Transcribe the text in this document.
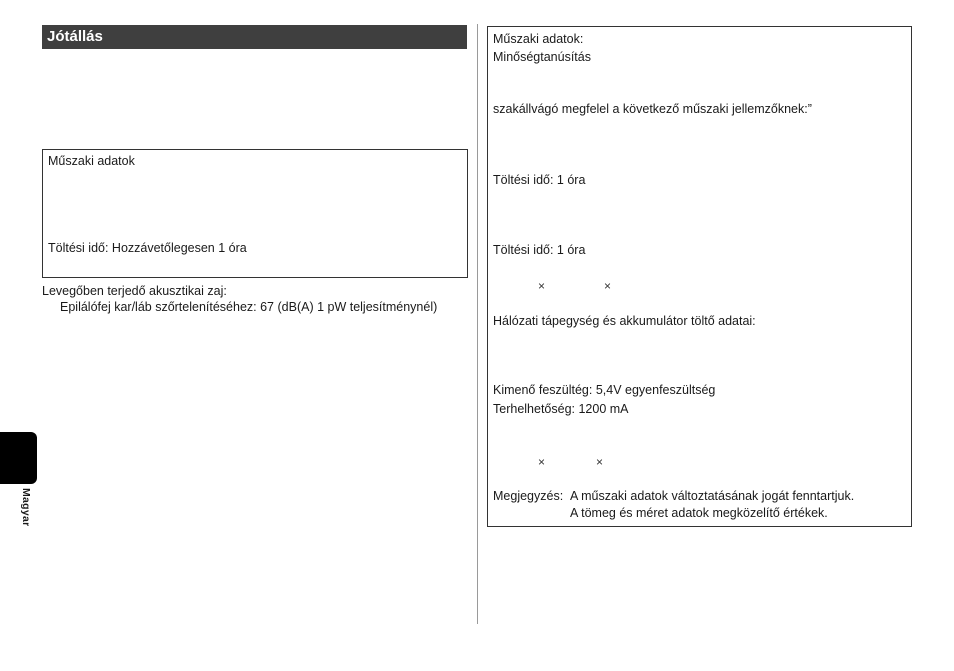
Jótállás
Műszaki adatok
Töltési idő: Hozzávetőlegesen 1 óra
Levegőben terjedő akusztikai zaj:
Epilálófej kar/láb szőrtelenítéséhez: 67 (dB(A) 1 pW teljesítménynél)
Magyar
Műszaki adatok:
Minőségtanúsítás
szakállvágó megfelel a következő műszaki jellemzőknek:”
Töltési idő: 1 óra
Töltési idő: 1 óra
×	×
Hálózati tápegység és akkumulátor töltő adatai:
Kimenő feszültég: 5,4V egyenfeszültség
Terhelhetőség: 1200 mA
×	×
Megjegyzés: A műszaki adatok változtatásának jogát fenntartjuk.
A tömeg és méret adatok megközelítő értékek.
